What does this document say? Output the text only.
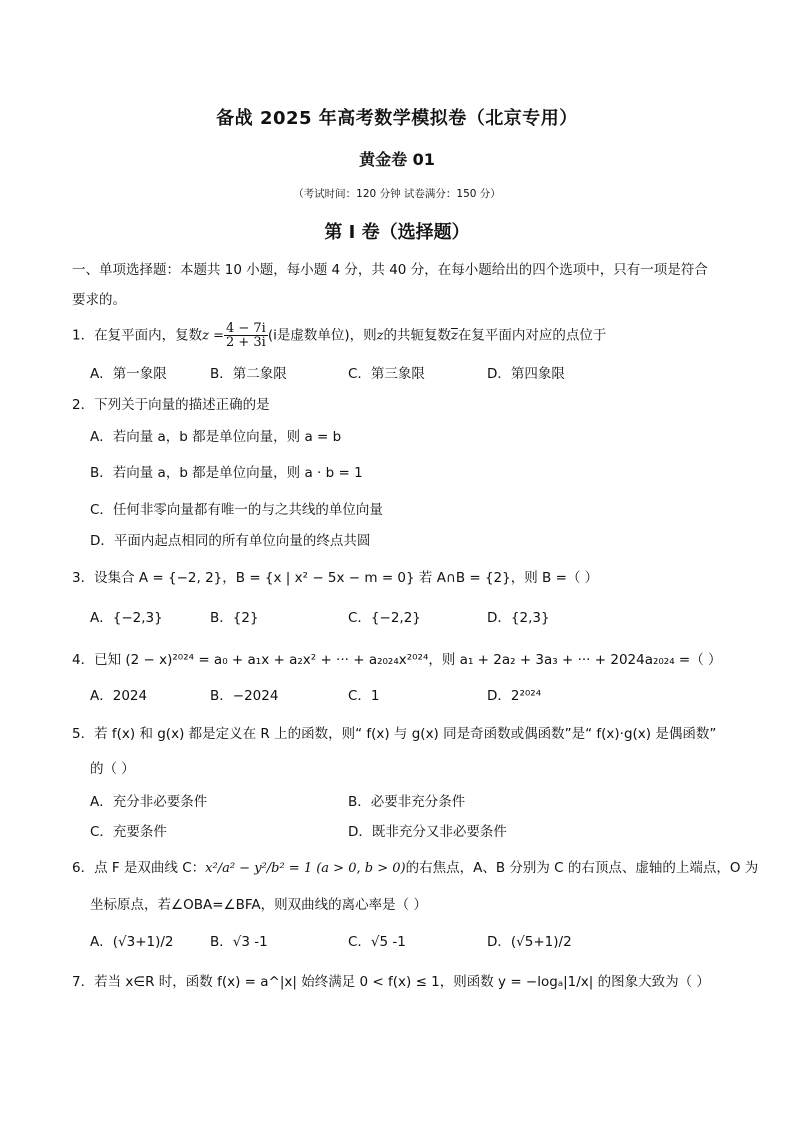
备战 2025 年高考数学模拟卷（北京专用）
黄金卷 01
（考试时间：120 分钟 试卷满分：150 分）
第 I 卷（选择题）
一、单项选择题：本题共 10 小题，每小题 4 分，共 40 分，在每小题给出的四个选项中，只有一项是符合
要求的。
1．在复平面内，复数$z = \frac{4 - 7i}{2 + 3i} (i$是虚数单位)，则z的共轭复数$\overline{z}$在复平面内对应的点位于
A．第一象限	B．第二象限	C．第三象限	D．第四象限
2．下列关于向量的描述正确的是
A．若向量 a，b 都是单位向量，则 a = b
B．若向量 a，b 都是单位向量，则 a · b = 1
C．任何非零向量都有唯一的与之共线的单位向量
D．平面内起点相同的所有单位向量的终点共圆
3．设集合 A = {−2, 2}，B = {x | x² − 5x − m = 0} 若 A∩B = {2}，则 B =（ ）
A．{−2,3}	B．{2}	C．{−2,2}	D．{2,3}
4．已知 (2 − x)²⁰²⁴ = a₀ + a₁x + a₂x² + ··· + a₂₀₂₄x²⁰²⁴，则 a₁ + 2a₂ + 3a₃ + ··· + 2024a₂₀₂₄ =（ ）
A．2024	B．−2024	C．1	D．2²⁰²⁴
5．若 f(x) 和 g(x) 都是定义在 R 上的函数，则“ f(x) 与 g(x) 同是奇函数或偶函数”是“ f(x)·g(x) 是偶函数”
的（ ）
A．充分非必要条件	B．必要非充分条件
C．充要条件	D．既非充分又非必要条件
6．点 F 是双曲线 C：x²/a² − y²/b² = 1 (a > 0, b > 0)的右焦点，A、B 分别为 C 的右顶点、虚轴的上端点，O 为
坐标原点，若∠OBA=∠BFA，则双曲线的离心率是（ ）
A．(√3+1)/2	B．√3 -1	C．√5 -1	D．(√5+1)/2
7．若当 x∈R 时，函数 f(x) = a^|x| 始终满足 0 < f(x) ≤ 1，则函数 y = −logₐ|1/x| 的图象大致为（ ）
